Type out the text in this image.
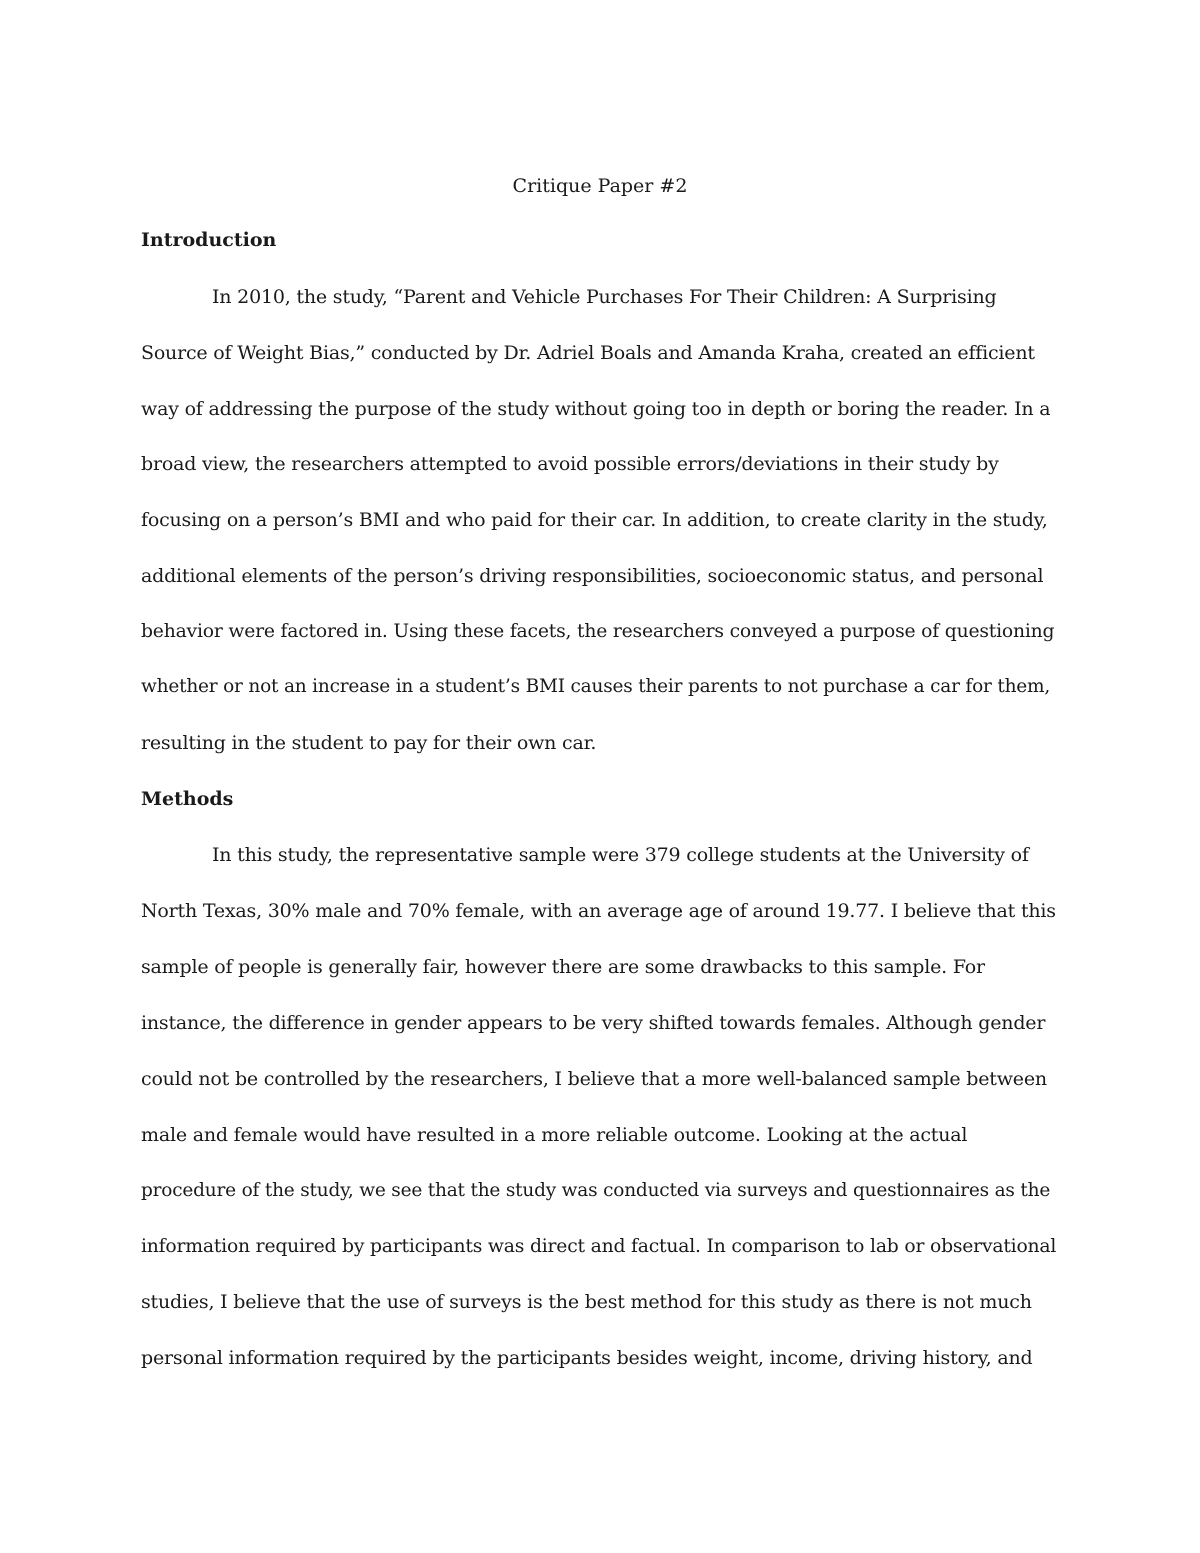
Critique Paper #2
Introduction
In 2010, the study, “Parent and Vehicle Purchases For Their Children: A Surprising
Source of Weight Bias,” conducted by Dr. Adriel Boals and Amanda Kraha, created an efficient
way of addressing the purpose of the study without going too in depth or boring the reader. In a
broad view, the researchers attempted to avoid possible errors/deviations in their study by
focusing on a person’s BMI and who paid for their car. In addition, to create clarity in the study,
additional elements of the person’s driving responsibilities, socioeconomic status, and personal
behavior were factored in. Using these facets, the researchers conveyed a purpose of questioning
whether or not an increase in a student’s BMI causes their parents to not purchase a car for them,
resulting in the student to pay for their own car.
Methods
In this study, the representative sample were 379 college students at the University of
North Texas, 30% male and 70% female, with an average age of around 19.77. I believe that this
sample of people is generally fair, however there are some drawbacks to this sample. For
instance, the difference in gender appears to be very shifted towards females. Although gender
could not be controlled by the researchers, I believe that a more well-balanced sample between
male and female would have resulted in a more reliable outcome. Looking at the actual
procedure of the study, we see that the study was conducted via surveys and questionnaires as the
information required by participants was direct and factual. In comparison to lab or observational
studies, I believe that the use of surveys is the best method for this study as there is not much
personal information required by the participants besides weight, income, driving history, and
